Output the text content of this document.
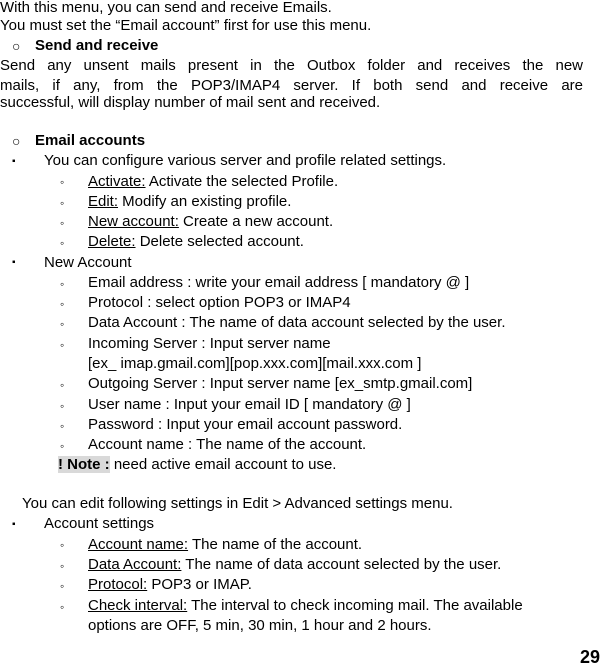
With this menu, you can send and receive Emails.
You must set the “Email account” first for use this menu.
○ Send and receive
Send any unsent mails present in the Outbox folder and receives the new
mails, if any, from the POP3/IMAP4 server. If both send and receive are
successful, will display number of mail sent and received.
○ Email accounts
▪ You can configure various server and profile related settings.
◦ Activate: Activate the selected Profile.
◦ Edit: Modify an existing profile.
◦ New account: Create a new account.
◦ Delete: Delete selected account.
▪ New Account
◦ Email address : write your email address [ mandatory @ ]
◦ Protocol : select option POP3 or IMAP4
◦ Data Account : The name of data account selected by the user.
◦ Incoming Server : Input server name
[ex_ imap.gmail.com][pop.xxx.com][mail.xxx.com ]
◦ Outgoing Server : Input server name [ex_smtp.gmail.com]
◦ User name : Input your email ID [ mandatory @ ]
◦ Password : Input your email account password.
◦ Account name : The name of the account.
! Note : need active email account to use.
You can edit following settings in Edit > Advanced settings menu.
▪ Account settings
◦ Account name: The name of the account.
◦ Data Account: The name of data account selected by the user.
◦ Protocol: POP3 or IMAP.
◦ Check interval: The interval to check incoming mail. The available
options are OFF, 5 min, 30 min, 1 hour and 2 hours.
29
